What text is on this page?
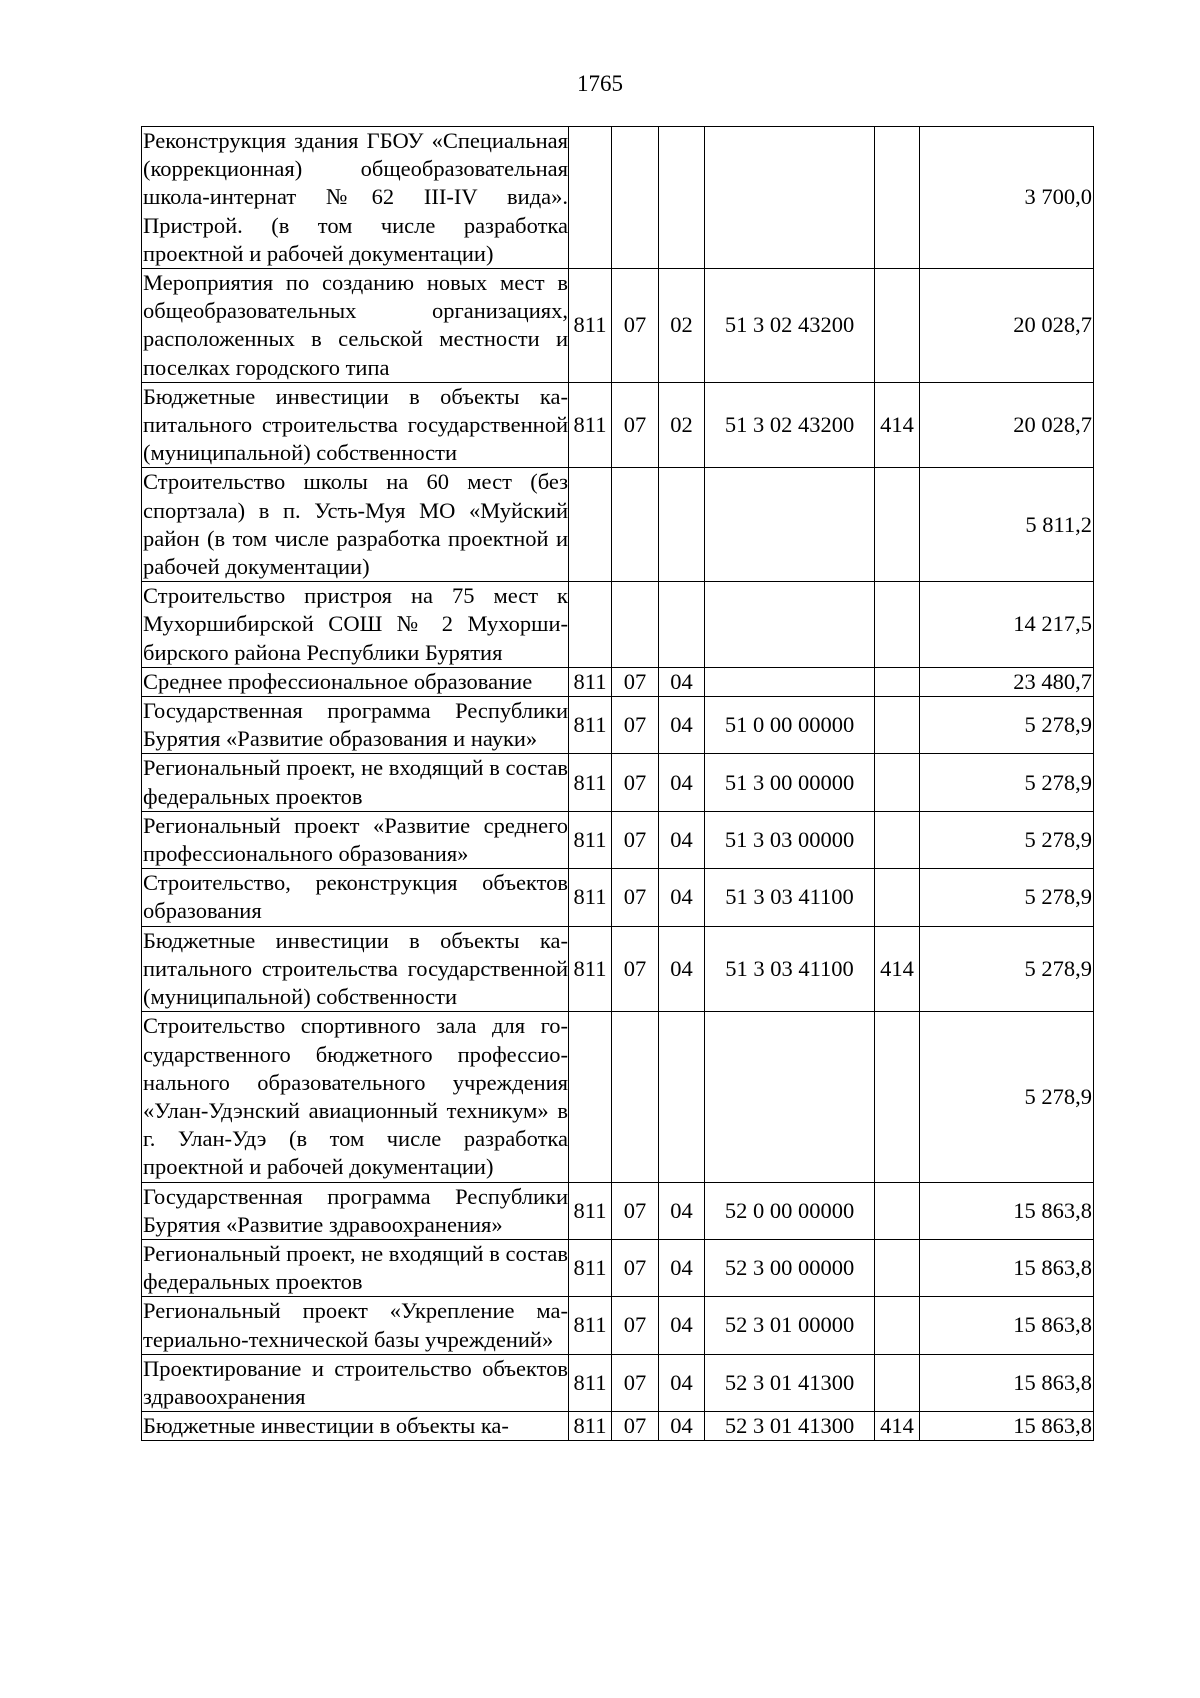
1765
Реконструкция здания ГБОУ «Специальная (коррекционная) общеобразовательная школа-интернат №62 III-IV вида». Пристрой. (в том числе разработка проектной и рабочей документации)						3 700,0

Мероприятия по созданию новых мест в общеобразовательных организациях, расположенных в сельской местности и поселках городского типа	811	07	02	51 3 02 43200		20 028,7

Бюджетные инвестиции в объекты капитального строительства государственной (муниципальной) собственности	811	07	02	51 3 02 43200	414	20 028,7

Строительство школы на 60 мест (без спортзала) в п. Усть-Муя МО «Муйский район (в том числе разработка проектной и рабочей документации)						5 811,2

Строительство пристроя на 75 мест к Мухоршибирской СОШ № 2 Мухоршибирского района Республики Бурятия						14 217,5

Среднее профессиональное образование	811	07	04			23 480,7

Государственная программа Республики Бурятия «Развитие образования и науки»	811	07	04	51 0 00 00000		5 278,9

Региональный проект, не входящий в состав федеральных проектов	811	07	04	51 3 00 00000		5 278,9

Региональный проект «Развитие среднего профессионального образования»	811	07	04	51 3 03 00000		5 278,9

Строительство, реконструкция объектов образования	811	07	04	51 3 03 41100		5 278,9

Бюджетные инвестиции в объекты капитального строительства государственной (муниципальной) собственности	811	07	04	51 3 03 41100	414	5 278,9

Строительство спортивного зала для государственного бюджетного профессионального образовательного учреждения «Улан-Удэнский авиационный техникум» в г. Улан-Удэ (в том числе разработка проектной и рабочей документации)						5 278,9

Государственная программа Республики Бурятия «Развитие здравоохранения»	811	07	04	52 0 00 00000		15 863,8

Региональный проект, не входящий в состав федеральных проектов	811	07	04	52 3 00 00000		15 863,8

Региональный проект «Укрепление материально-технической базы учреждений»	811	07	04	52 3 01 00000		15 863,8

Проектирование и строительство объектов здравоохранения	811	07	04	52 3 01 41300		15 863,8

Бюджетные инвестиции в объекты ка-	811	07	04	52 3 01 41300	414	15 863,8
